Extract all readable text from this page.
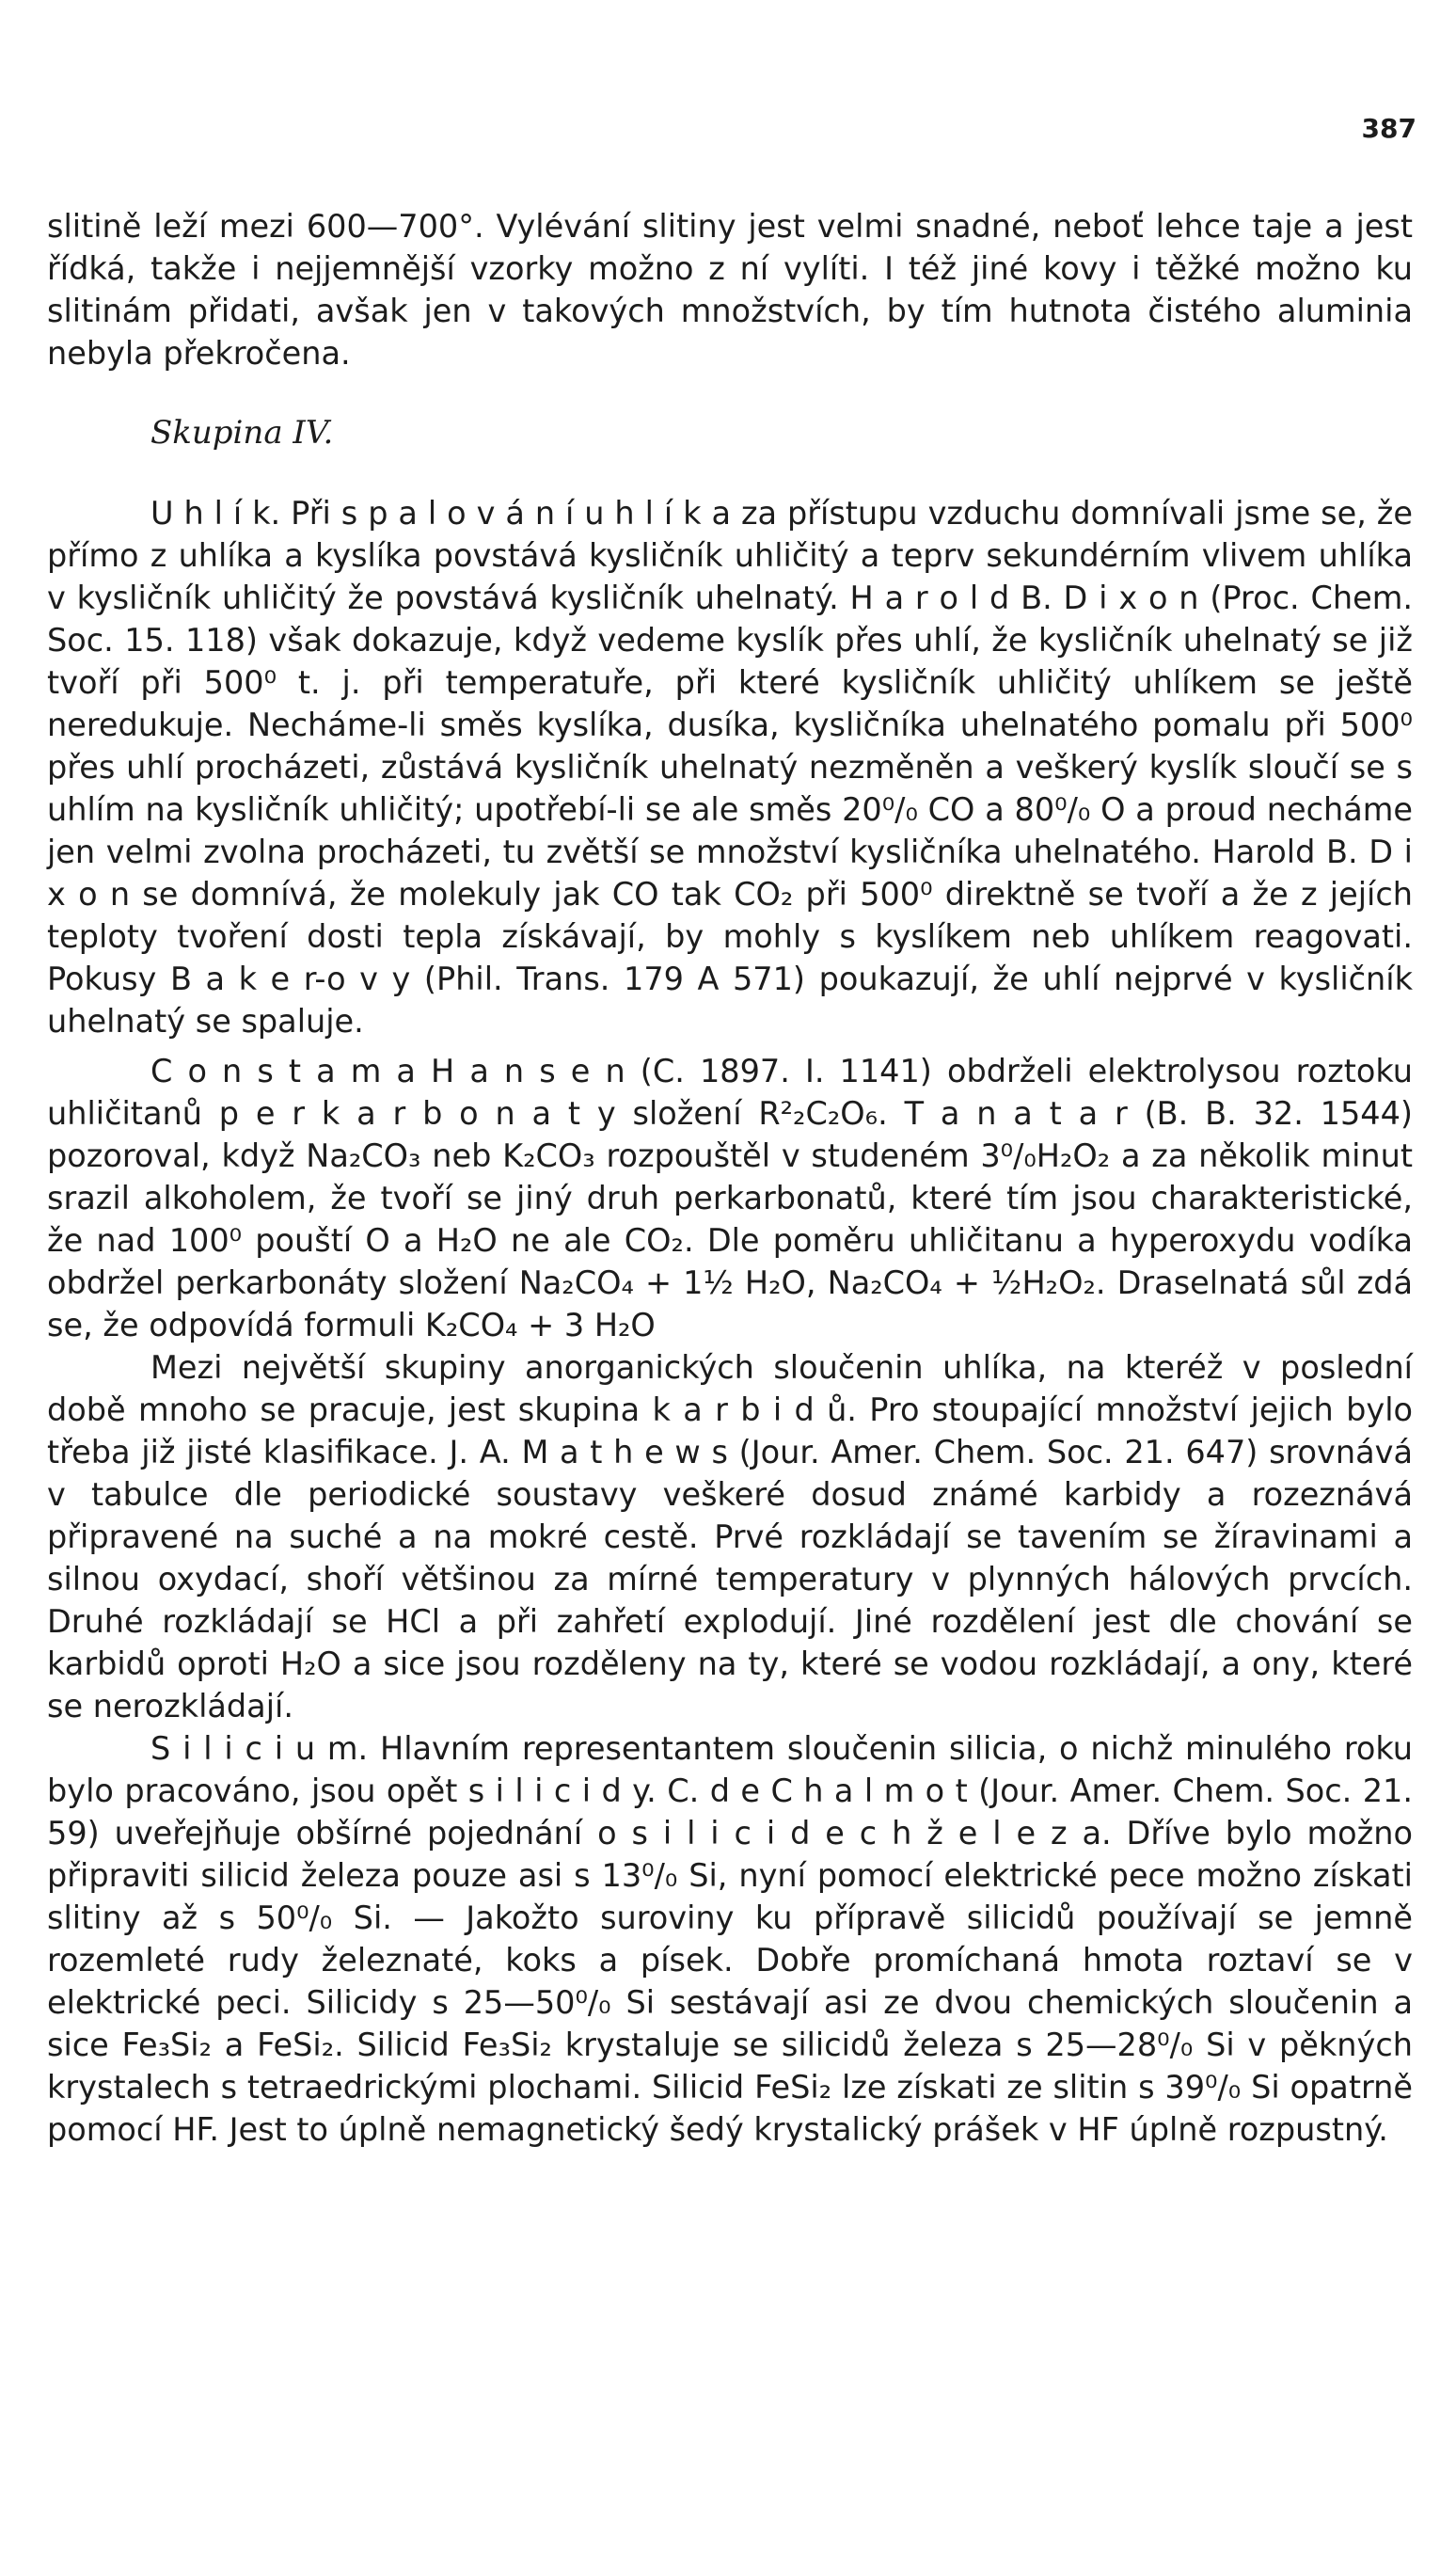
387

slitině leží mezi 600—700°. Vylévání slitiny jest velmi snadné, neboť lehce taje a jest řídká, takže i nejjemnější vzorky možno z ní vylíti. I též jiné kovy i těžké možno ku slitinám přidati, avšak jen v takových množstvích, by tím hutnota čistého aluminia nebyla překročena.

Skupina IV.

U h l í k. Při s p a l o v á n í u h l í k a za přístupu vzduchu domnívali jsme se, že přímo z uhlíka a kyslíka povstává kysličník uhličitý a teprv sekundérním vlivem uhlíka v kysličník uhličitý že povstává kysličník uhelnatý. H a r o l d B. D i x o n (Proc. Chem. Soc. 15. 118) však dokazuje, když vedeme kyslík přes uhlí, že kysličník uhelnatý se již tvoří při 500⁰ t. j. při temperatuře, při které kysličník uhličitý uhlíkem se ještě neredukuje. Necháme-li směs kyslíka, dusíka, kysličníka uhelnatého pomalu při 500⁰ přes uhlí procházeti, zůstává kysličník uhelnatý nezměněn a veškerý kyslík sloučí se s uhlím na kysličník uhličitý; upotřebí-li se ale směs 20⁰/₀ CO a 80⁰/₀ O a proud necháme jen velmi zvolna procházeti, tu zvětší se množství kysličníka uhelnatého. Harold B. D i x o n se domnívá, že molekuly jak CO tak CO₂ při 500⁰ direktně se tvoří a že z jejích teploty tvoření dosti tepla získávají, by mohly s kyslíkem neb uhlíkem reagovati. Pokusy B a k e r-o v y (Phil. Trans. 179 A 571) poukazují, že uhlí nejprvé v kysličník uhelnatý se spaluje.

C o n s t a m a H a n s e n (C. 1897. I. 1141) obdrželi elektrolysou roztoku uhličitanů p e r k a r b o n a t y složení R²₂C₂O₆. T a n a t a r (B. B. 32. 1544) pozoroval, když Na₂CO₃ neb K₂CO₃ rozpouštěl v studeném 3⁰/₀H₂O₂ a za několik minut srazil alkoholem, že tvoří se jiný druh perkarbonatů, které tím jsou charakteristické, že nad 100⁰ pouští O a H₂O ne ale CO₂. Dle poměru uhličitanu a hyperoxydu vodíka obdržel perkarbonáty složení Na₂CO₄ + 1½ H₂O, Na₂CO₄ + ½H₂O₂. Draselnatá sůl zdá se, že odpovídá formuli K₂CO₄ + 3 H₂O

Mezi největší skupiny anorganických sloučenin uhlíka, na kteréž v poslední době mnoho se pracuje, jest skupina k a r b i d ů. Pro stoupající množství jejich bylo třeba již jisté klasifikace. J. A. M a t h e w s (Jour. Amer. Chem. Soc. 21. 647) srovnává v tabulce dle periodické soustavy veškeré dosud známé karbidy a rozeznává připravené na suché a na mokré cestě. Prvé rozkládají se tavením se žíravinami a silnou oxydací, shoří většinou za mírné temperatury v plynných hálových prvcích. Druhé rozkládají se HCl a při zahřetí explodují. Jiné rozdělení jest dle chování se karbidů oproti H₂O a sice jsou rozděleny na ty, které se vodou rozkládají, a ony, které se nerozkládají.

S i l i c i u m. Hlavním representantem sloučenin silicia, o nichž minulého roku bylo pracováno, jsou opět s i l i c i d y. C. d e C h a l m o t (Jour. Amer. Chem. Soc. 21. 59) uveřejňuje obšírné pojednání o s i l i c i d e c h ž e l e z a. Dříve bylo možno připraviti silicid železa pouze asi s 13⁰/₀ Si, nyní pomocí elektrické pece možno získati slitiny až s 50⁰/₀ Si. — Jakožto suroviny ku přípravě silicidů používají se jemně rozemleté rudy železnaté, koks a písek. Dobře promíchaná hmota roztaví se v elektrické peci. Silicidy s 25—50⁰/₀ Si sestávají asi ze dvou chemických sloučenin a sice Fe₃Si₂ a FeSi₂. Silicid Fe₃Si₂ krystaluje se silicidů železa s 25—28⁰/₀ Si v pěkných krystalech s tetraedrickými plochami. Silicid FeSi₂ lze získati ze slitin s 39⁰/₀ Si opatrně pomocí HF. Jest to úplně nemagnetický šedý krystalický prášek v HF úplně rozpustný.
